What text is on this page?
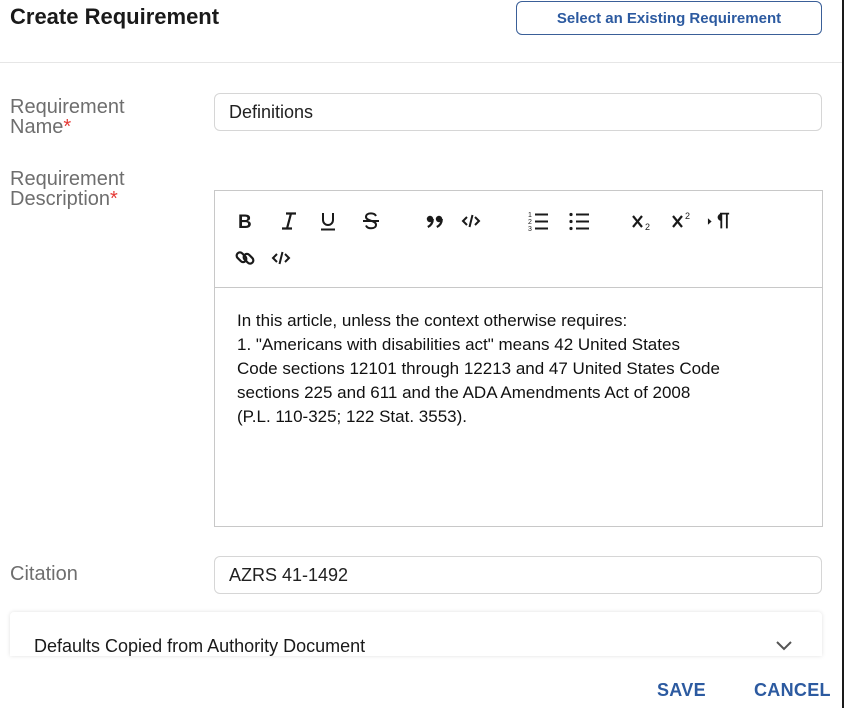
Create Requirement	Select an Existing Requirement
Requirement
Name*
Definitions
Requirement
Description*
B	1
2
3	2
2
In this article, unless the context otherwise requires:
1. "Americans with disabilities act" means 42 United States
Code sections 12101 through 12213 and 47 United States Code
sections 225 and 611 and the ADA Amendments Act of 2008
(P.L. 110-325; 122 Stat. 3553).
Citation
AZRS 41-1492
Defaults Copied from Authority Document
SAVE	CANCEL
